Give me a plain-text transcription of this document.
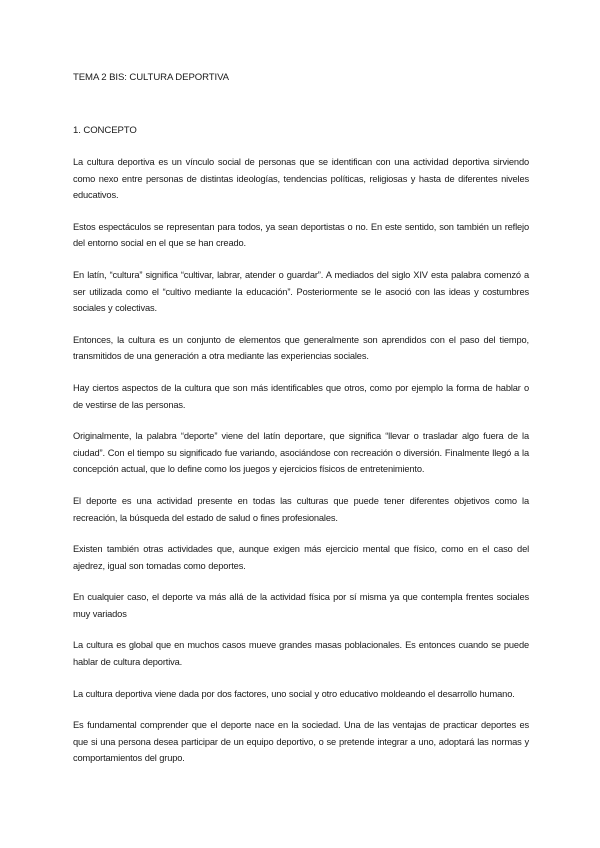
TEMA 2 BIS: CULTURA DEPORTIVA
1. CONCEPTO

La cultura deportiva es un vínculo social de personas que se identifican con una actividad deportiva sirviendo como nexo entre personas de distintas ideologías, tendencias políticas, religiosas y hasta de diferentes niveles educativos.

Estos espectáculos se representan para todos, ya sean deportistas o no. En este sentido, son también un reflejo del entorno social en el que se han creado.

En latín, “cultura” significa “cultivar, labrar, atender o guardar”. A mediados del siglo XIV esta palabra comenzó a ser utilizada como el “cultivo mediante la educación”. Posteriormente se le asoció con las ideas y costumbres sociales y colectivas.

Entonces, la cultura es un conjunto de elementos que generalmente son aprendidos con el paso del tiempo, transmitidos de una generación a otra mediante las experiencias sociales.

Hay ciertos aspectos de la cultura que son más identificables que otros, como por ejemplo la forma de hablar o de vestirse de las personas.

Originalmente, la palabra “deporte” viene del latín deportare, que significa “llevar o trasladar algo fuera de la ciudad”. Con el tiempo su significado fue variando, asociándose con recreación o diversión. Finalmente llegó a la concepción actual, que lo define como los juegos y ejercicios físicos de entretenimiento.

El deporte es una actividad presente en todas las culturas que puede tener diferentes objetivos como la recreación, la búsqueda del estado de salud o fines profesionales.

Existen también otras actividades que, aunque exigen más ejercicio mental que físico, como en el caso del ajedrez, igual son tomadas como deportes.

En cualquier caso, el deporte va más allá de la actividad física por sí misma ya que contempla frentes sociales muy variados

La cultura es global que en muchos casos mueve grandes masas poblacionales. Es entonces cuando se puede hablar de cultura deportiva.

La cultura deportiva viene dada por dos factores, uno social y otro educativo moldeando el desarrollo humano.

Es fundamental comprender que el deporte nace en la sociedad. Una de las ventajas de practicar deportes es que si una persona desea participar de un equipo deportivo, o se pretende integrar a uno, adoptará las normas y comportamientos del grupo.
